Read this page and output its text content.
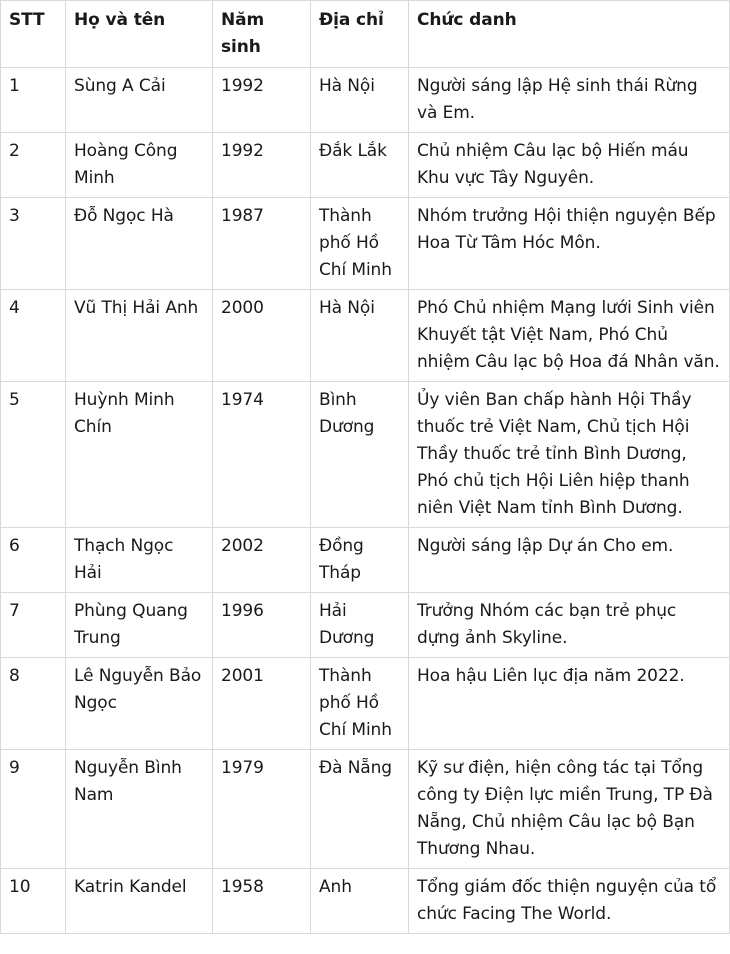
STT	Họ và tên	Năm sinh	Địa chỉ	Chức danh
1	Sùng A Cải	1992	Hà Nội	Người sáng lập Hệ sinh thái Rừng và Em.
2	Hoàng Công Minh	1992	Đắk Lắk	Chủ nhiệm Câu lạc bộ Hiến máu Khu vực Tây Nguyên.
3	Đỗ Ngọc Hà	1987	Thành phố Hồ Chí Minh	Nhóm trưởng Hội thiện nguyện Bếp Hoa Từ Tâm Hóc Môn.
4	Vũ Thị Hải Anh	2000	Hà Nội	Phó Chủ nhiệm Mạng lưới Sinh viên Khuyết tật Việt Nam, Phó Chủ nhiệm Câu lạc bộ Hoa đá Nhân văn.
5	Huỳnh Minh Chín	1974	Bình Dương	Ủy viên Ban chấp hành Hội Thầy thuốc trẻ Việt Nam, Chủ tịch Hội Thầy thuốc trẻ tỉnh Bình Dương, Phó chủ tịch Hội Liên hiệp thanh niên Việt Nam tỉnh Bình Dương.
6	Thạch Ngọc Hải	2002	Đồng Tháp	Người sáng lập Dự án Cho em.
7	Phùng Quang Trung	1996	Hải Dương	Trưởng Nhóm các bạn trẻ phục dựng ảnh Skyline.
8	Lê Nguyễn Bảo Ngọc	2001	Thành phố Hồ Chí Minh	Hoa hậu Liên lục địa năm 2022.
9	Nguyễn Bình Nam	1979	Đà Nẵng	Kỹ sư điện, hiện công tác tại Tổng công ty Điện lực miền Trung, TP Đà Nẵng, Chủ nhiệm Câu lạc bộ Bạn Thương Nhau.
10	Katrin Kandel	1958	Anh	Tổng giám đốc thiện nguyện của tổ chức Facing The World.
